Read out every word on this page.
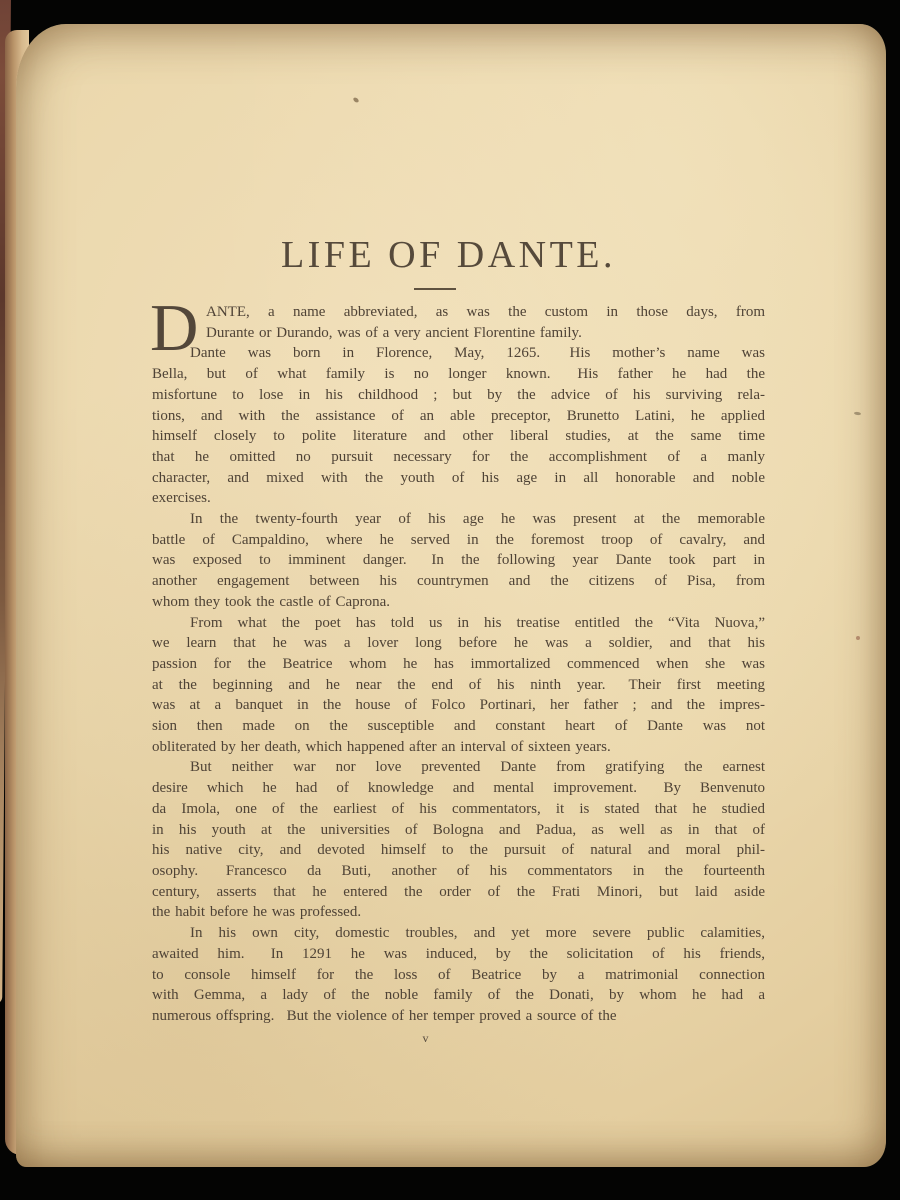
LIFE OF DANTE.
D ANTE, a name abbreviated, as was the custom in those days, from
Durante or Durando, was of a very ancient Florentine family.
Dante was born in Florence, May, 1265.  His mother’s name was
Bella, but of what family is no longer known.  His father he had the
misfortune to lose in his childhood ; but by the advice of his surviving rela-
tions, and with the assistance of an able preceptor, Brunetto Latini, he applied
himself closely to polite literature and other liberal studies, at the same time
that he omitted no pursuit necessary for the accomplishment of a manly
character, and mixed with the youth of his age in all honorable and noble
exercises.
In the twenty-fourth year of his age he was present at the memorable
battle of Campaldino, where he served in the foremost troop of cavalry, and
was exposed to imminent danger.  In the following year Dante took part in
another engagement between his countrymen and the citizens of Pisa, from
whom they took the castle of Caprona.
From what the poet has told us in his treatise entitled the “Vita Nuova,”
we learn that he was a lover long before he was a soldier, and that his
passion for the Beatrice whom he has immortalized commenced when she was
at the beginning and he near the end of his ninth year.  Their first meeting
was at a banquet in the house of Folco Portinari, her father ; and the impres-
sion then made on the susceptible and constant heart of Dante was not
obliterated by her death, which happened after an interval of sixteen years.
But neither war nor love prevented Dante from gratifying the earnest
desire which he had of knowledge and mental improvement.  By Benvenuto
da Imola, one of the earliest of his commentators, it is stated that he studied
in his youth at the universities of Bologna and Padua, as well as in that of
his native city, and devoted himself to the pursuit of natural and moral phil-
osophy.  Francesco da Buti, another of his commentators in the fourteenth
century, asserts that he entered the order of the Frati Minori, but laid aside
the habit before he was professed.
In his own city, domestic troubles, and yet more severe public calamities,
awaited him.  In 1291 he was induced, by the solicitation of his friends,
to console himself for the loss of Beatrice by a matrimonial connection
with Gemma, a lady of the noble family of the Donati, by whom he had a
numerous offspring.  But the violence of her temper proved a source of the
v
